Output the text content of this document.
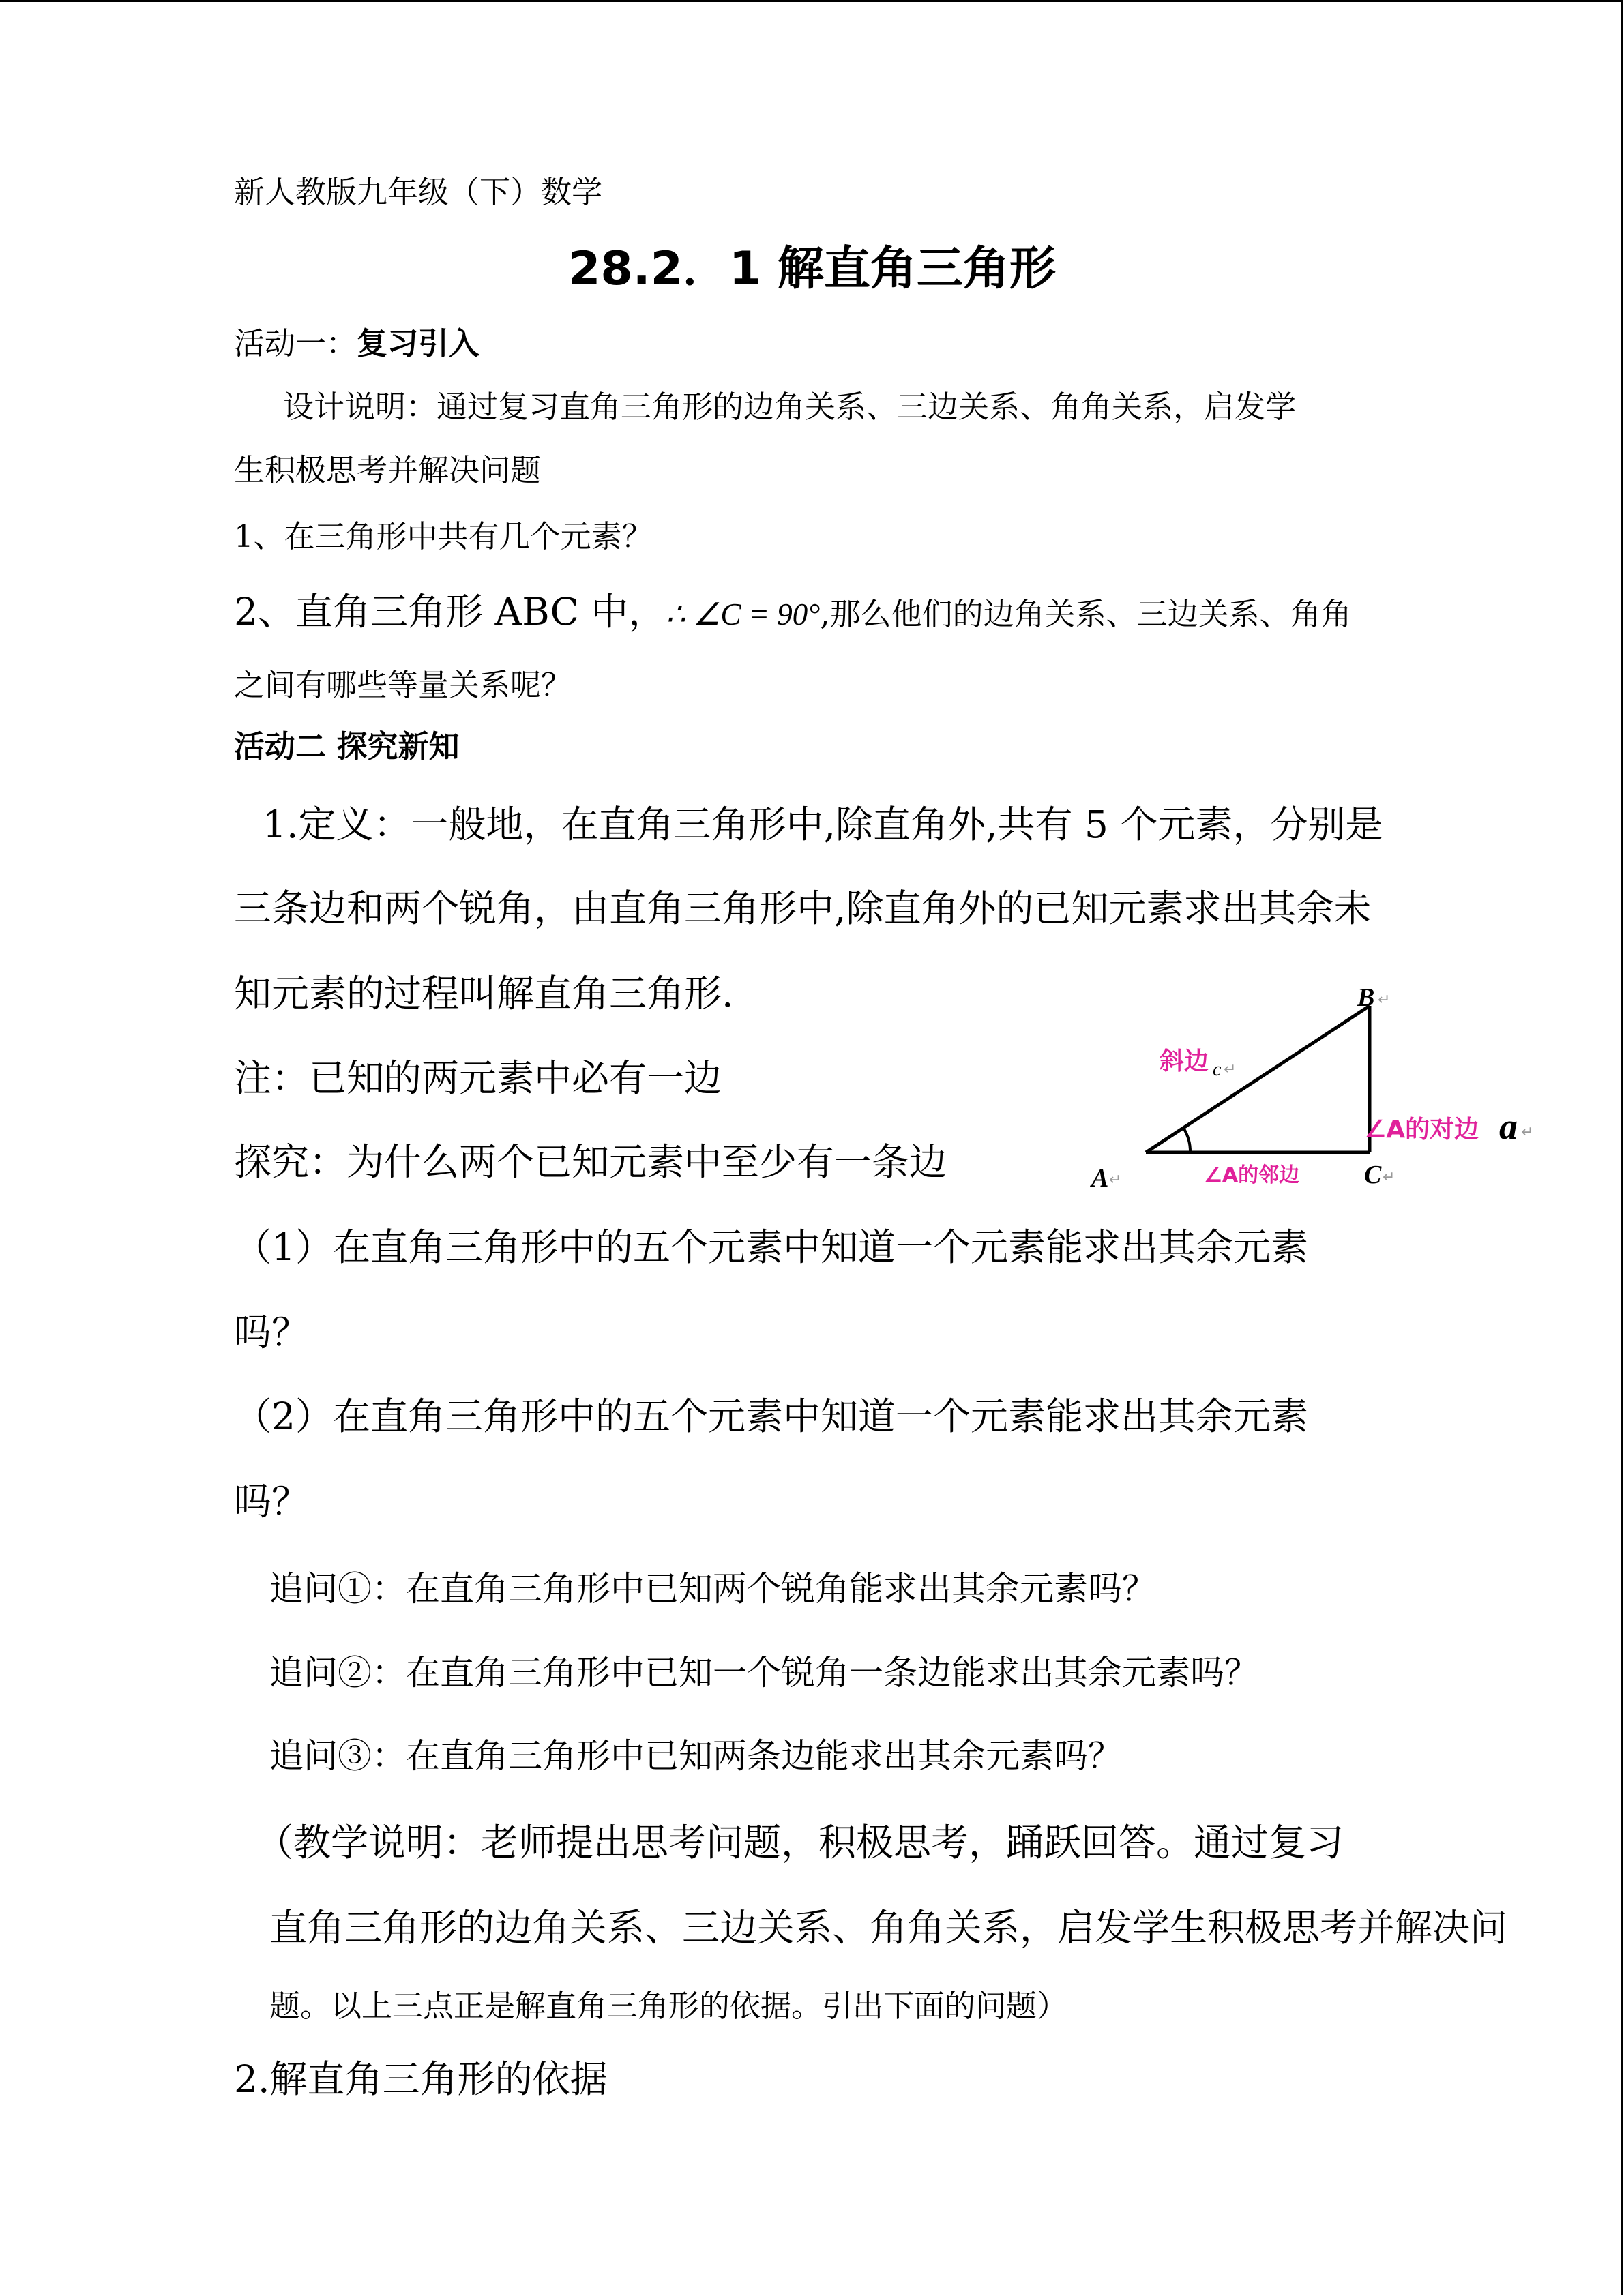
新人教版九年级（下）数学
28.2．1 解直角三角形
活动一：复习引入
设计说明：通过复习直角三角形的边角关系、三边关系、角角关系，启发学
生积极思考并解决问题
1、在三角形中共有几个元素？
2、直角三角形 ABC 中，∴ ∠C = 90°,那么他们的边角关系、三边关系、角角
之间有哪些等量关系呢？
活动二 探究新知
1.定义：一般地，在直角三角形中,除直角外,共有 5 个元素，分别是
三条边和两个锐角，由直角三角形中,除直角外的已知元素求出其余未
知元素的过程叫解直角三角形.
注：已知的两元素中必有一边
探究：为什么两个已知元素中至少有一条边
（1）在直角三角形中的五个元素中知道一个元素能求出其余元素
吗？
（2）在直角三角形中的五个元素中知道一个元素能求出其余元素
吗？
追问①：在直角三角形中已知两个锐角能求出其余元素吗？
追问②：在直角三角形中已知一个锐角一条边能求出其余元素吗？
追问③：在直角三角形中已知两条边能求出其余元素吗？
（教学说明：老师提出思考问题，积极思考，踊跃回答。通过复习
直角三角形的边角关系、三边关系、角角关系，启发学生积极思考并解决问
题。以上三点正是解直角三角形的依据。引出下面的问题）
2.解直角三角形的依据
B ↵
A ↵	C ↵
斜边 c ↵
∠A的对边 a ↵
∠A的邻边
